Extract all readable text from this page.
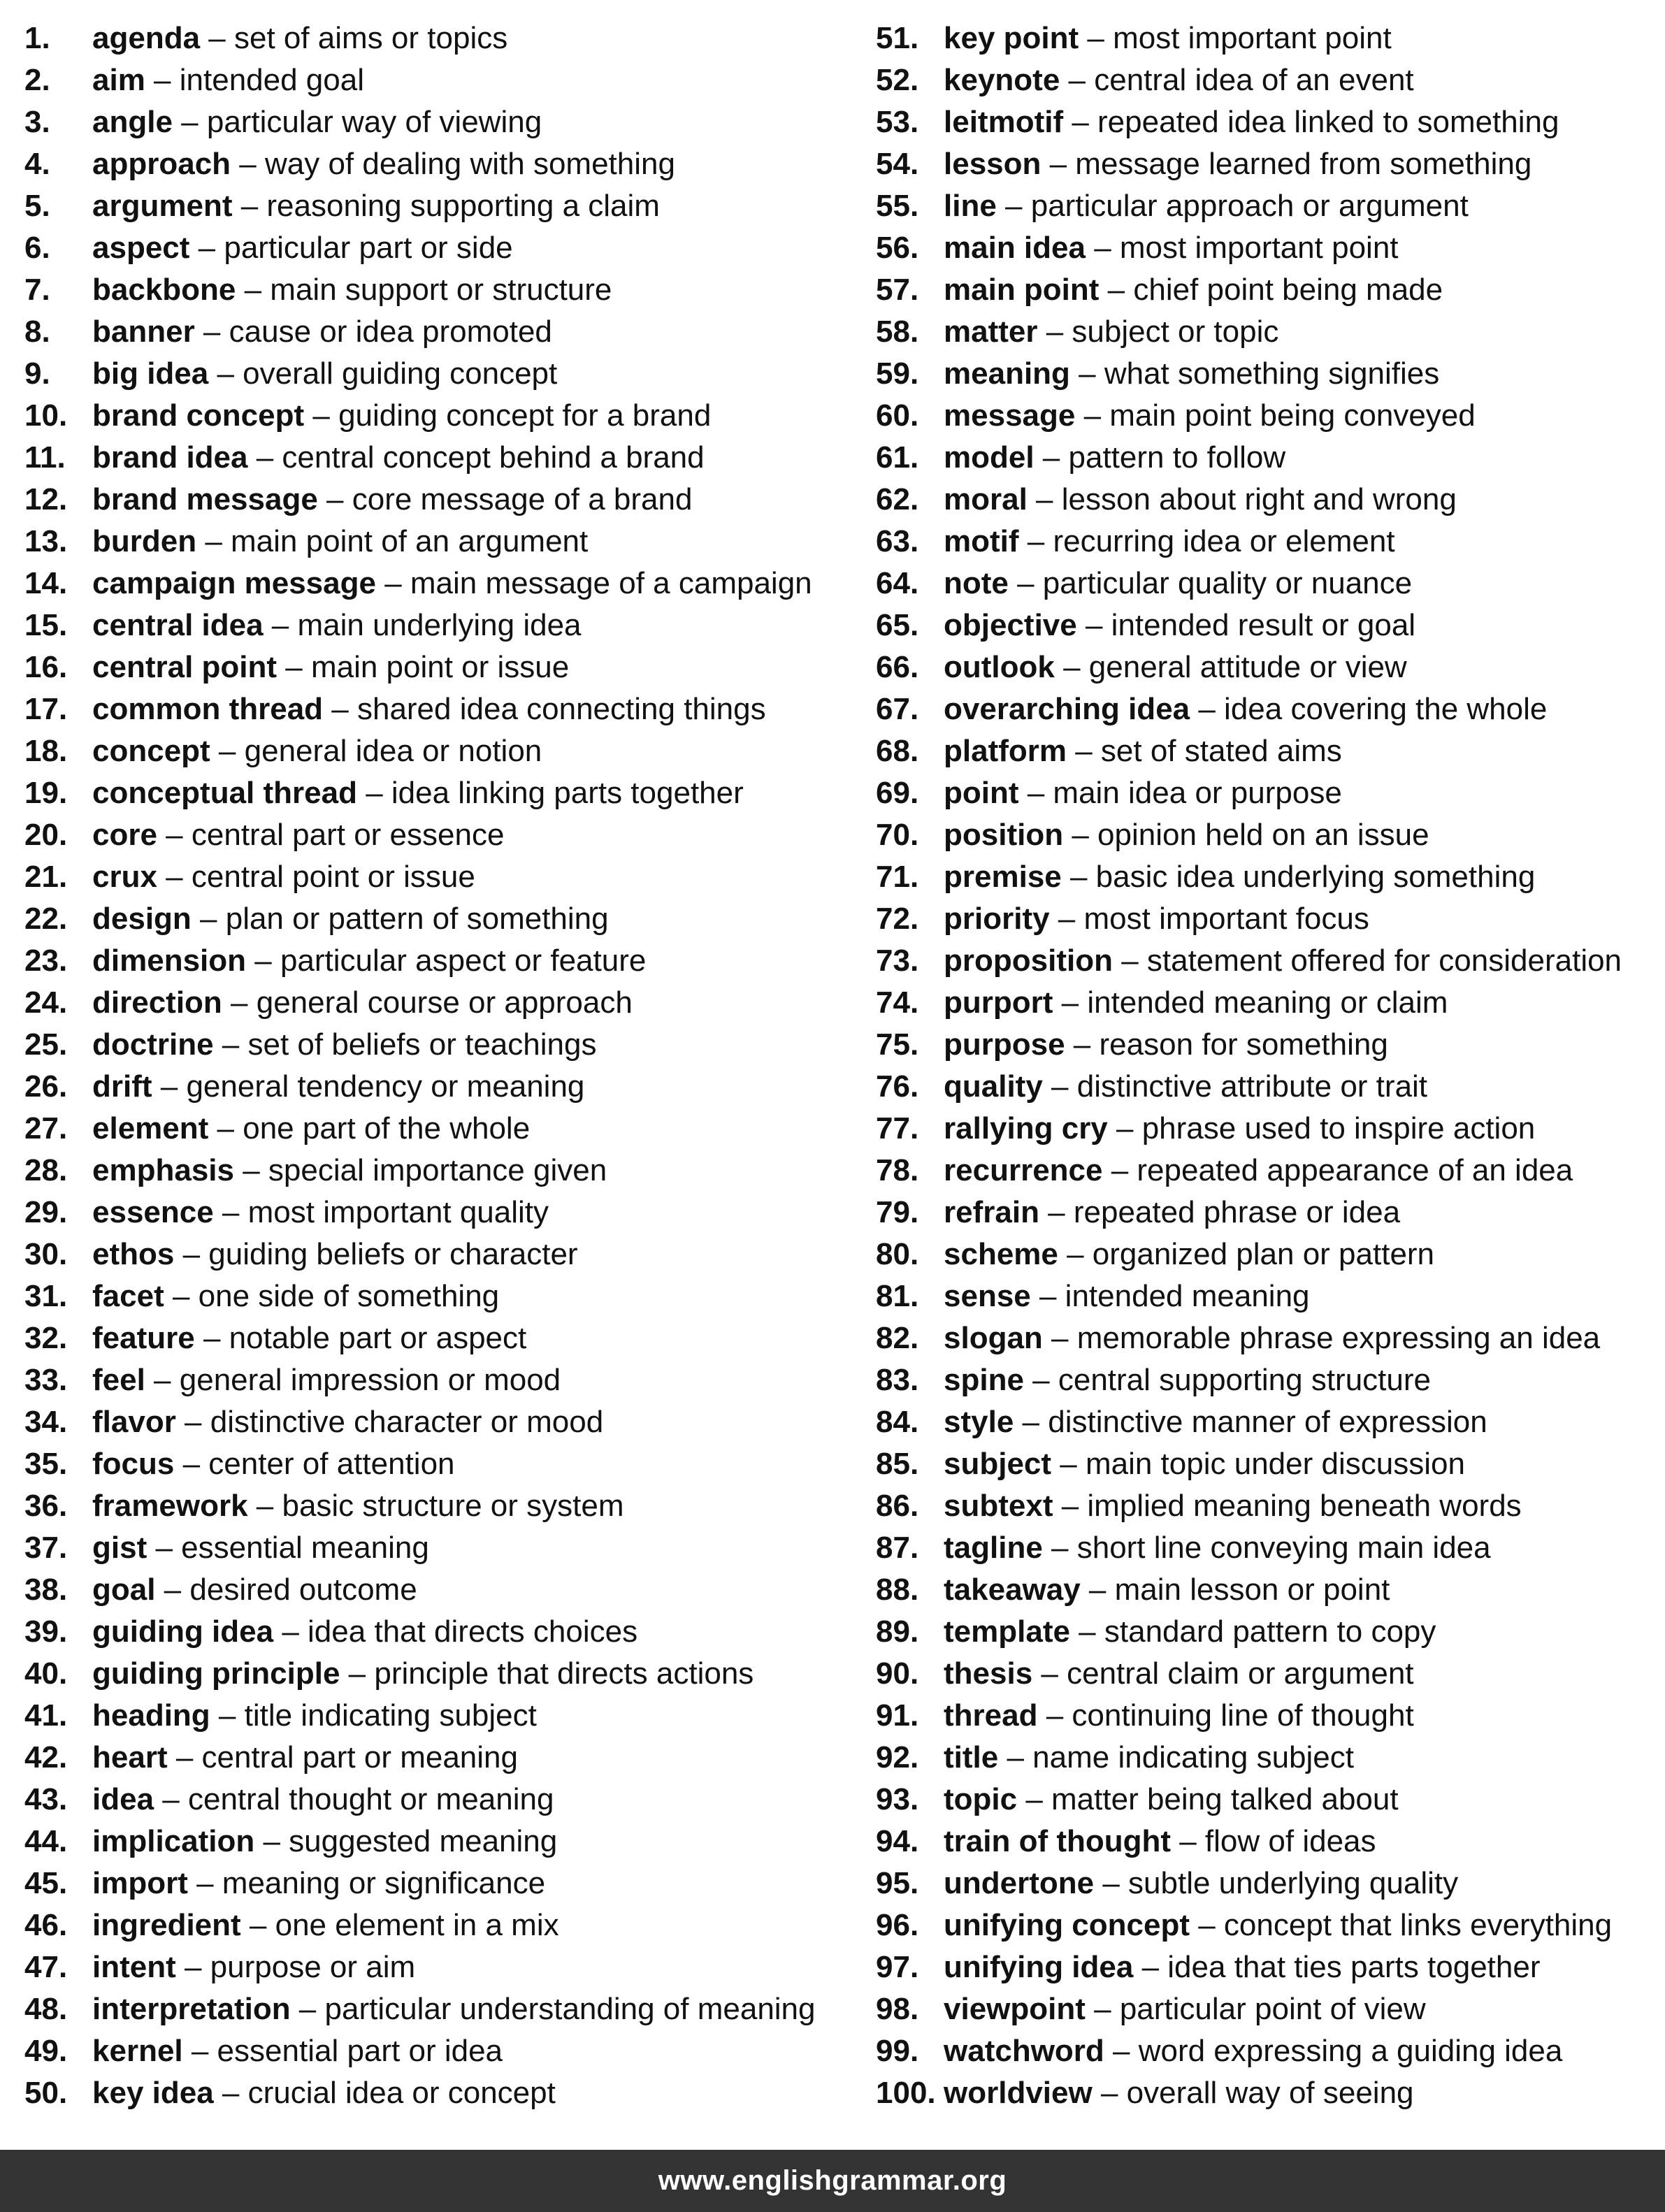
1.	agenda – set of aims or topics
2.	aim – intended goal
3.	angle – particular way of viewing
4.	approach – way of dealing with something
5.	argument – reasoning supporting a claim
6.	aspect – particular part or side
7.	backbone – main support or structure
8.	banner – cause or idea promoted
9.	big idea – overall guiding concept
10. brand concept – guiding concept for a brand
11. brand idea – central concept behind a brand
12. brand message – core message of a brand
13. burden – main point of an argument
14. campaign message – main message of a campaign
15. central idea – main underlying idea
16. central point – main point or issue
17. common thread – shared idea connecting things
18. concept – general idea or notion
19. conceptual thread – idea linking parts together
20. core – central part or essence
21. crux – central point or issue
22. design – plan or pattern of something
23. dimension – particular aspect or feature
24. direction – general course or approach
25. doctrine – set of beliefs or teachings
26. drift – general tendency or meaning
27. element – one part of the whole
28. emphasis – special importance given
29. essence – most important quality
30. ethos – guiding beliefs or character
31. facet – one side of something
32. feature – notable part or aspect
33. feel – general impression or mood
34. flavor – distinctive character or mood
35. focus – center of attention
36. framework – basic structure or system
37. gist – essential meaning
38. goal – desired outcome
39. guiding idea – idea that directs choices
40. guiding principle – principle that directs actions
41. heading – title indicating subject
42. heart – central part or meaning
43. idea – central thought or meaning
44. implication – suggested meaning
45. import – meaning or significance
46. ingredient – one element in a mix
47. intent – purpose or aim
48. interpretation – particular understanding of meaning
49. kernel – essential part or idea
50. key idea – crucial idea or concept
51. key point – most important point
52. keynote – central idea of an event
53. leitmotif – repeated idea linked to something
54. lesson – message learned from something
55. line – particular approach or argument
56. main idea – most important point
57. main point – chief point being made
58. matter – subject or topic
59. meaning – what something signifies
60. message – main point being conveyed
61. model – pattern to follow
62. moral – lesson about right and wrong
63. motif – recurring idea or element
64. note – particular quality or nuance
65. objective – intended result or goal
66. outlook – general attitude or view
67. overarching idea – idea covering the whole
68. platform – set of stated aims
69. point – main idea or purpose
70. position – opinion held on an issue
71. premise – basic idea underlying something
72. priority – most important focus
73. proposition – statement offered for consideration
74. purport – intended meaning or claim
75. purpose – reason for something
76. quality – distinctive attribute or trait
77. rallying cry – phrase used to inspire action
78. recurrence – repeated appearance of an idea
79. refrain – repeated phrase or idea
80. scheme – organized plan or pattern
81. sense – intended meaning
82. slogan – memorable phrase expressing an idea
83. spine – central supporting structure
84. style – distinctive manner of expression
85. subject – main topic under discussion
86. subtext – implied meaning beneath words
87. tagline – short line conveying main idea
88. takeaway – main lesson or point
89. template – standard pattern to copy
90. thesis – central claim or argument
91. thread – continuing line of thought
92. title – name indicating subject
93. topic – matter being talked about
94. train of thought – flow of ideas
95. undertone – subtle underlying quality
96. unifying concept – concept that links everything
97. unifying idea – idea that ties parts together
98. viewpoint – particular point of view
99. watchword – word expressing a guiding idea
100. worldview – overall way of seeing
www.englishgrammar.org
